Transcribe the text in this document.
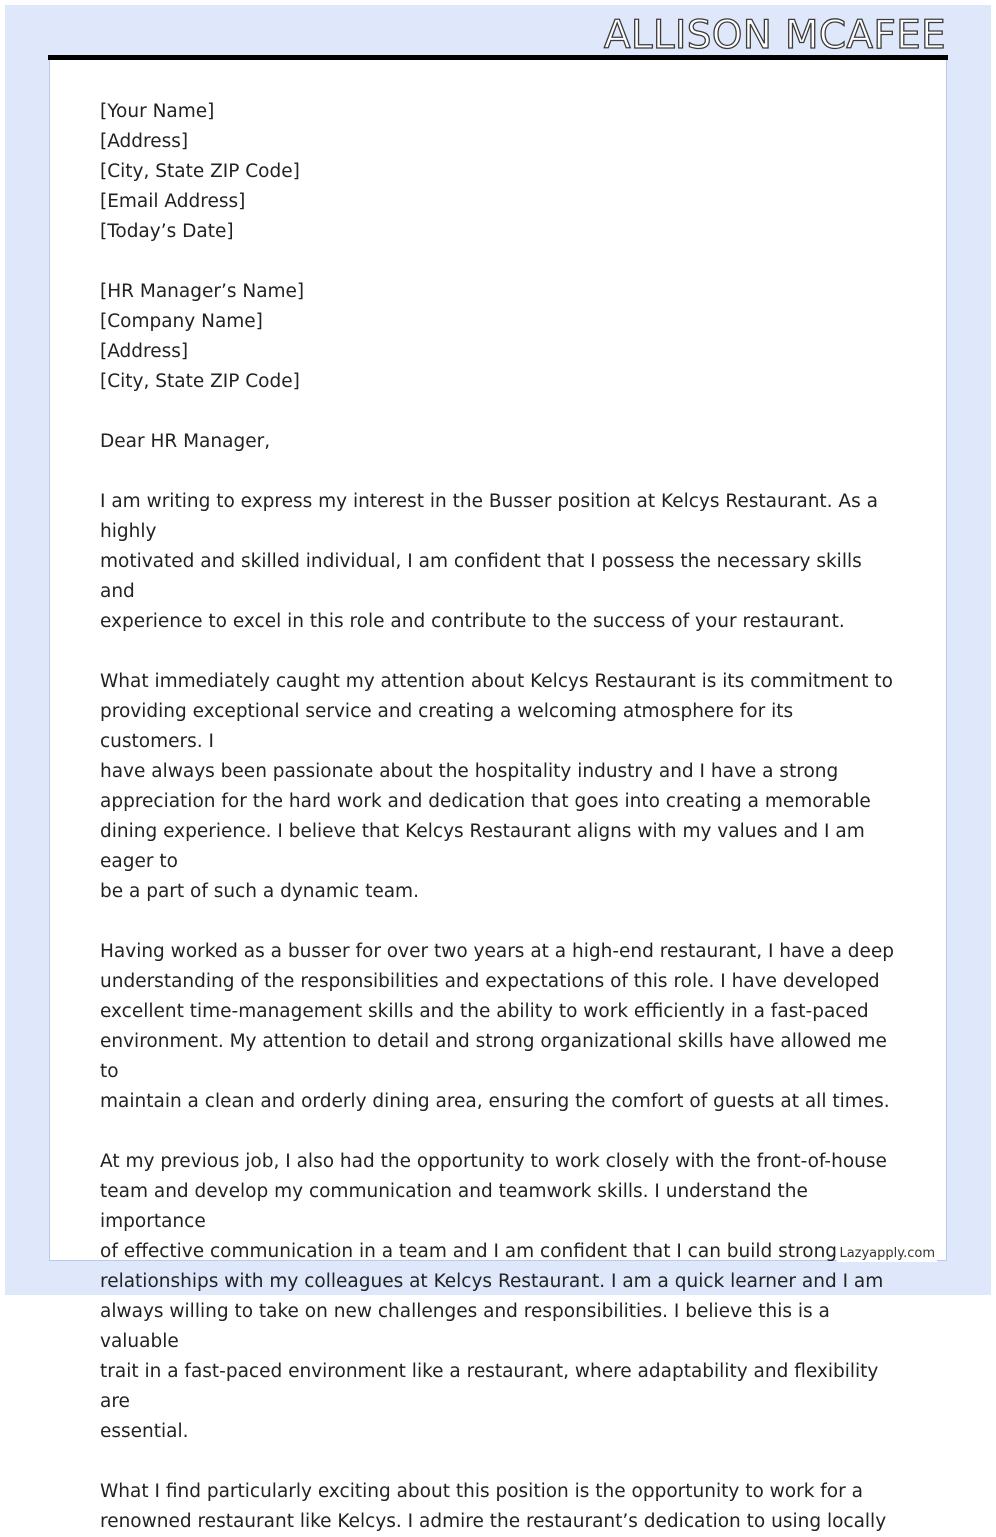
ALLISON MCAFEE
[Your Name]
[Address]
[City, State ZIP Code]
[Email Address]
[Today’s Date]
[HR Manager’s Name]
[Company Name]
[Address]
[City, State ZIP Code]
Dear HR Manager,

I am writing to express my interest in the Busser position at Kelcys Restaurant. As a highly
motivated and skilled individual, I am confident that I possess the necessary skills and
experience to excel in this role and contribute to the success of your restaurant.

What immediately caught my attention about Kelcys Restaurant is its commitment to
providing exceptional service and creating a welcoming atmosphere for its customers. I
have always been passionate about the hospitality industry and I have a strong
appreciation for the hard work and dedication that goes into creating a memorable
dining experience. I believe that Kelcys Restaurant aligns with my values and I am eager to
be a part of such a dynamic team.

Having worked as a busser for over two years at a high-end restaurant, I have a deep
understanding of the responsibilities and expectations of this role. I have developed
excellent time-management skills and the ability to work efficiently in a fast-paced
environment. My attention to detail and strong organizational skills have allowed me to
maintain a clean and orderly dining area, ensuring the comfort of guests at all times.

At my previous job, I also had the opportunity to work closely with the front-of-house
team and develop my communication and teamwork skills. I understand the importance
of effective communication in a team and I am confident that I can build strong
relationships with my colleagues at Kelcys Restaurant. I am a quick learner and I am
always willing to take on new challenges and responsibilities. I believe this is a valuable
trait in a fast-paced environment like a restaurant, where adaptability and flexibility are
essential.

What I find particularly exciting about this position is the opportunity to work for a
renowned restaurant like Kelcys. I admire the restaurant’s dedication to using locally

Lazyapply.com
